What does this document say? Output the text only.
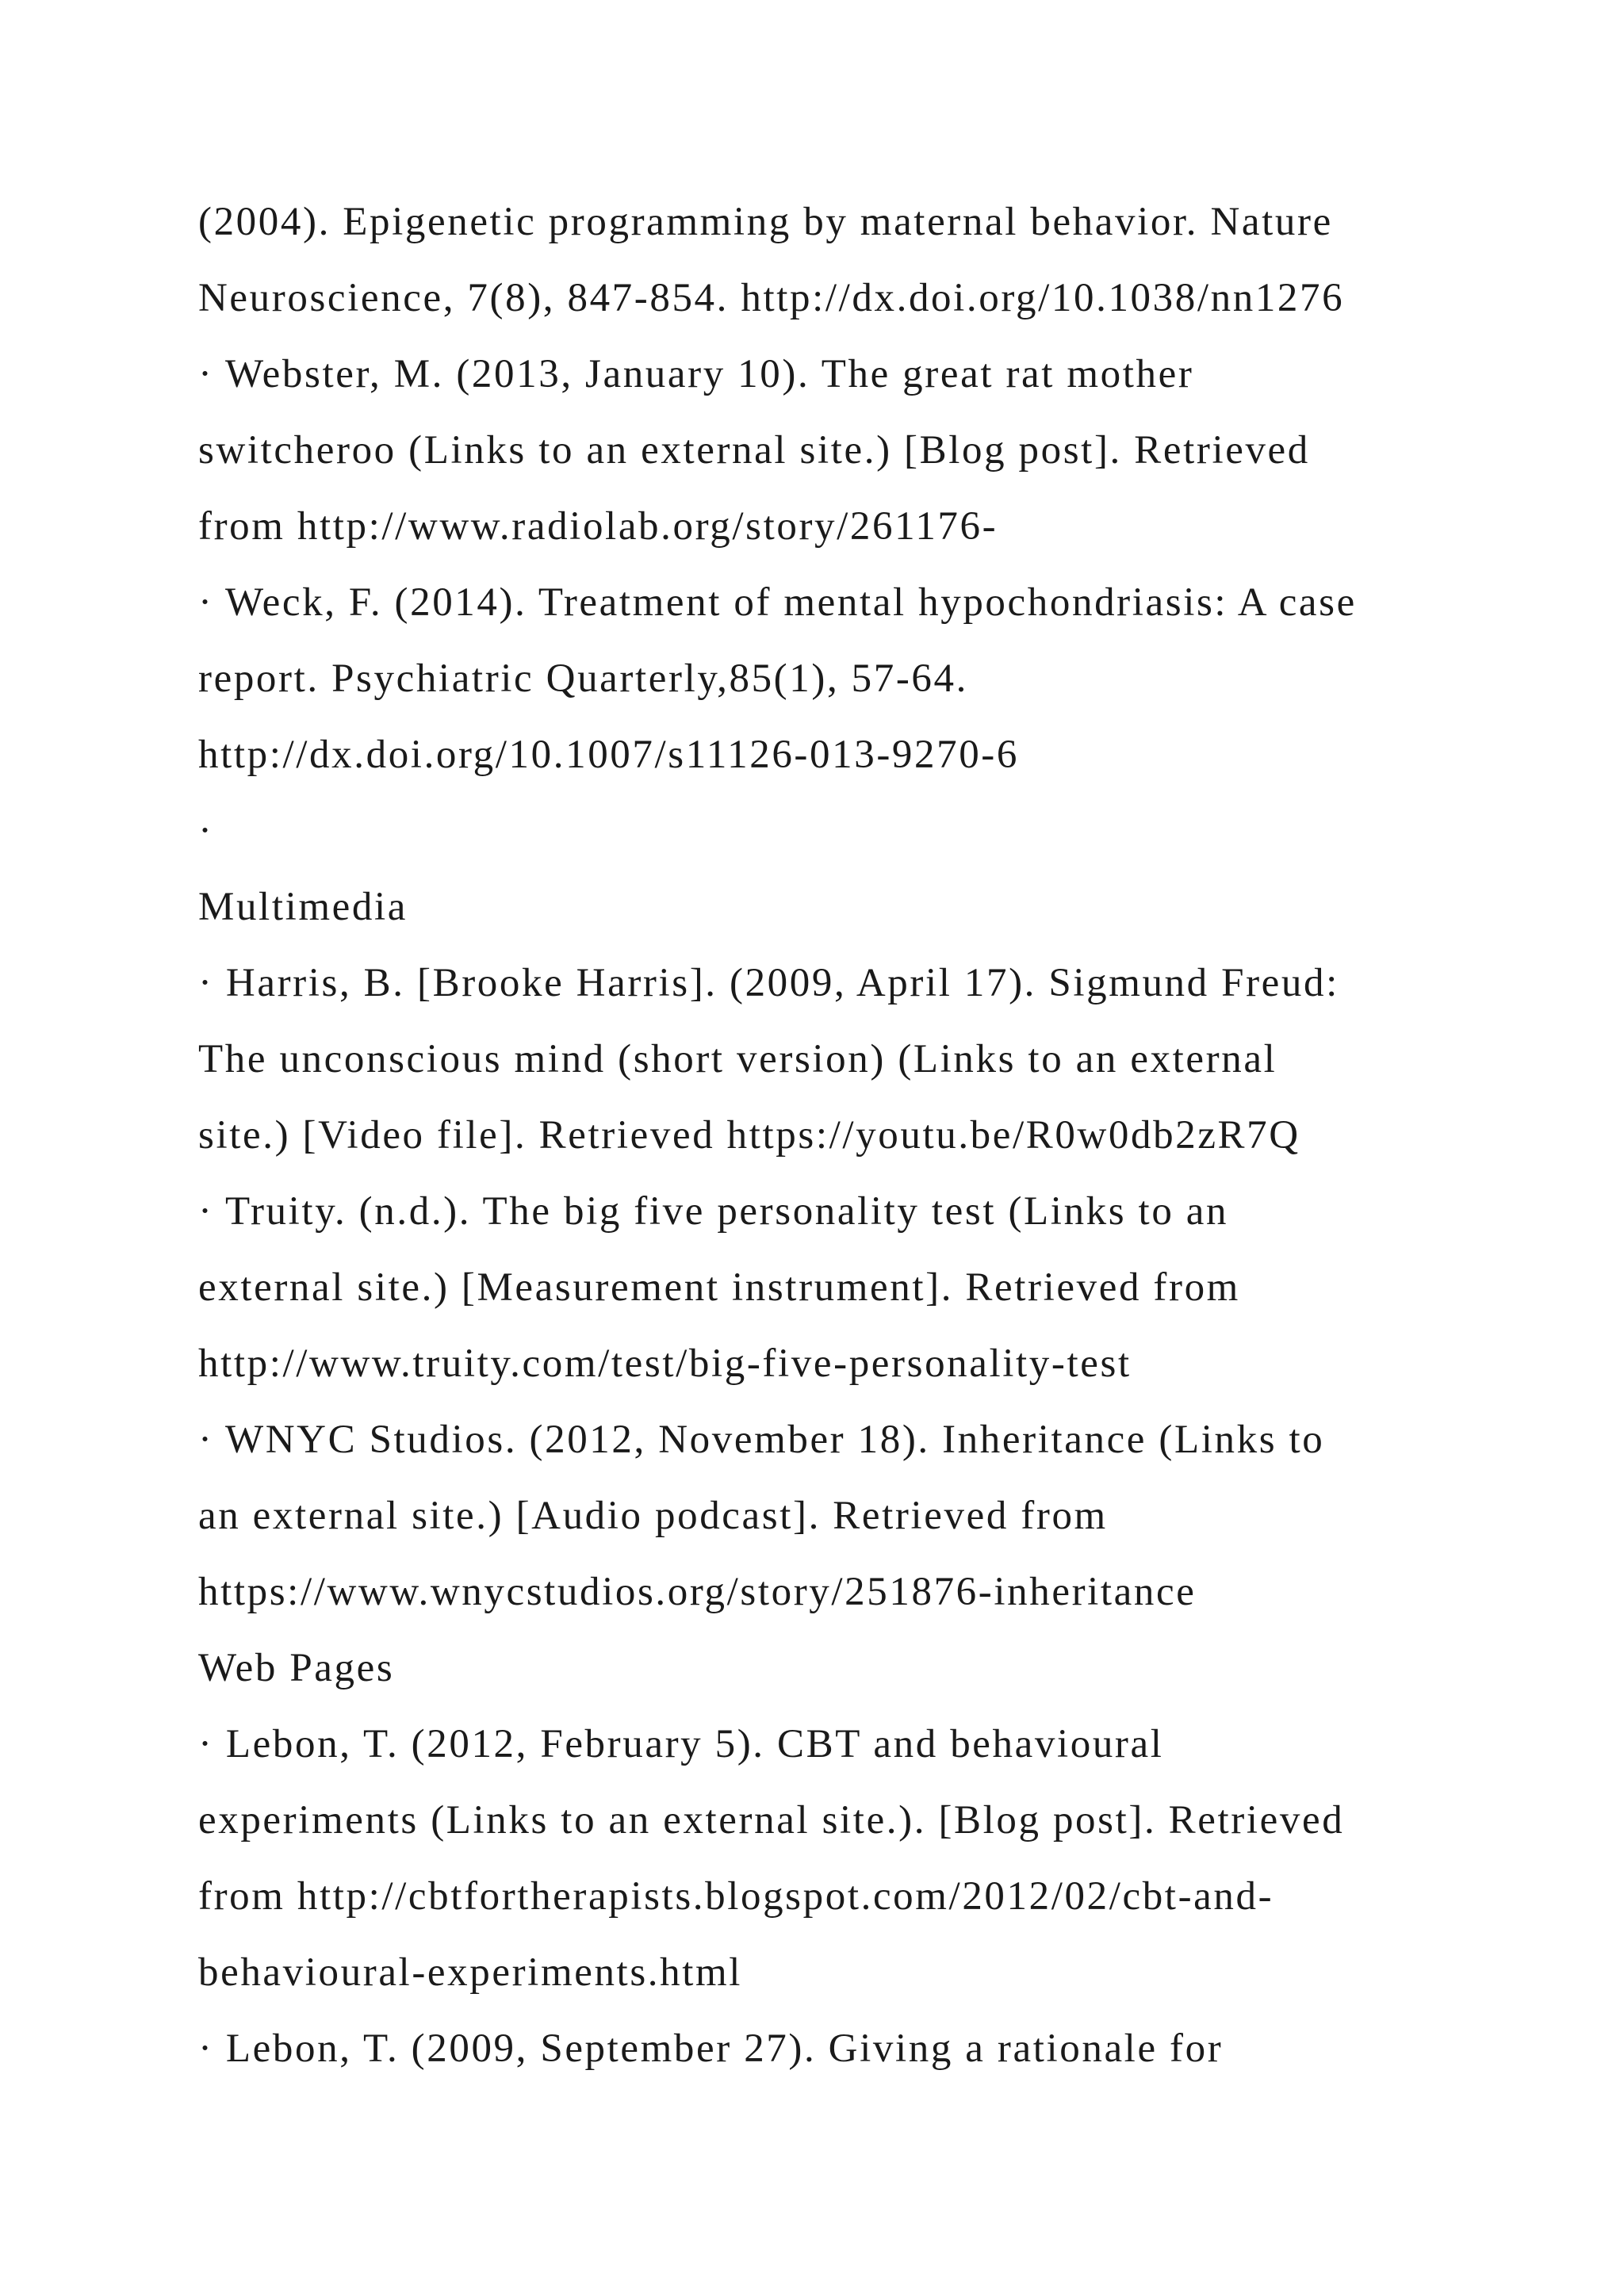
(2004). Epigenetic programming by maternal behavior. Nature
Neuroscience, 7(8), 847-854. http://dx.doi.org/10.1038/nn1276
· Webster, M. (2013, January 10). The great rat mother
switcheroo (Links to an external site.) [Blog post]. Retrieved
from http://www.radiolab.org/story/261176-
· Weck, F. (2014). Treatment of mental hypochondriasis: A case
report. Psychiatric Quarterly,85(1), 57-64.
http://dx.doi.org/10.1007/s11126-013-9270-6
·
Multimedia
· Harris, B. [Brooke Harris]. (2009, April 17). Sigmund Freud:
The unconscious mind (short version) (Links to an external
site.) [Video file]. Retrieved https://youtu.be/R0w0db2zR7Q
· Truity. (n.d.). The big five personality test (Links to an
external site.) [Measurement instrument]. Retrieved from
http://www.truity.com/test/big-five-personality-test
· WNYC Studios. (2012, November 18). Inheritance (Links to
an external site.) [Audio podcast]. Retrieved from
https://www.wnycstudios.org/story/251876-inheritance
Web Pages
· Lebon, T. (2012, February 5). CBT and behavioural
experiments (Links to an external site.). [Blog post]. Retrieved
from http://cbtfortherapists.blogspot.com/2012/02/cbt-and-
behavioural-experiments.html
· Lebon, T. (2009, September 27). Giving a rationale for
